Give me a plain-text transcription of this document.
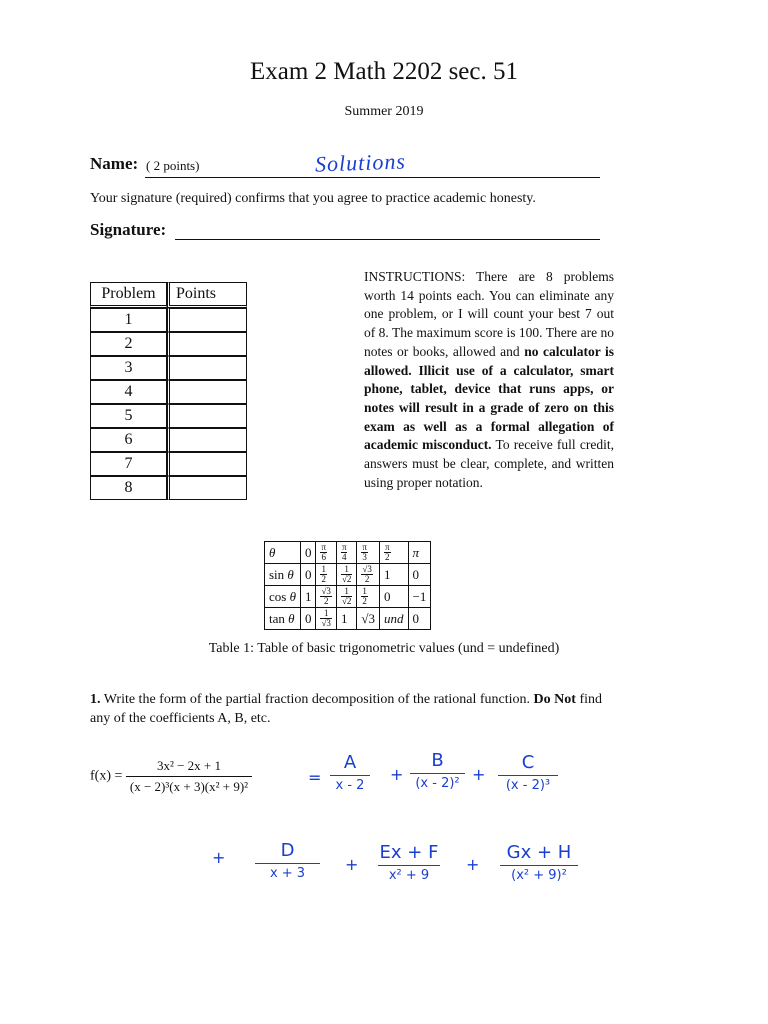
Exam 2 Math 2202 sec. 51
Summer 2019
Name: ( 2 points)	Solutions
Your signature (required) confirms that you agree to practice academic honesty.
Signature:
Problem	Points
1	
2	
3	
4	
5	
6	
7	
8	
INSTRUCTIONS: There are 8 problems worth 14 points each. You can eliminate any one problem, or I will count your best 7 out of 8. The maximum score is 100. There are no notes or books, allowed and no calculator is allowed. Illicit use of a calculator, smart phone, tablet, device that runs apps, or notes will result in a grade of zero on this exam as well as a formal allegation of academic misconduct. To receive full credit, answers must be clear, complete, and written using proper notation.
θ	0	$\frac{\pi}{6}$	$\frac{\pi}{4}$	$\frac{\pi}{3}$	$\frac{\pi}{2}$	π
sin θ	0	$\frac{1}{2}$	$\frac{1}{√2}$	$\frac{√3}{2}$	1	0
cos θ	1	$\frac{√3}{2}$	$\frac{1}{√2}$	$\frac{1}{2}$	0	−1
tan θ	0	$\frac{1}{√3}$	1	√3	und	0
Table 1: Table of basic trigonometric values (und = undefined)
1. Write the form of the partial fraction decomposition of the rational function. Do Not find any of the coefficients A, B, etc.
$f(x) = \frac{\text{3x² − 2x + 1}}{\text{(x − 2)³(x + 3)(x² + 9)²}}$	=
A
x - 2
+
B
(x - 2)² +
C
(x - 2)³
+	D
x + 3	+
Ex + F
x² + 9
+
Gx + H
(x² + 9)²
